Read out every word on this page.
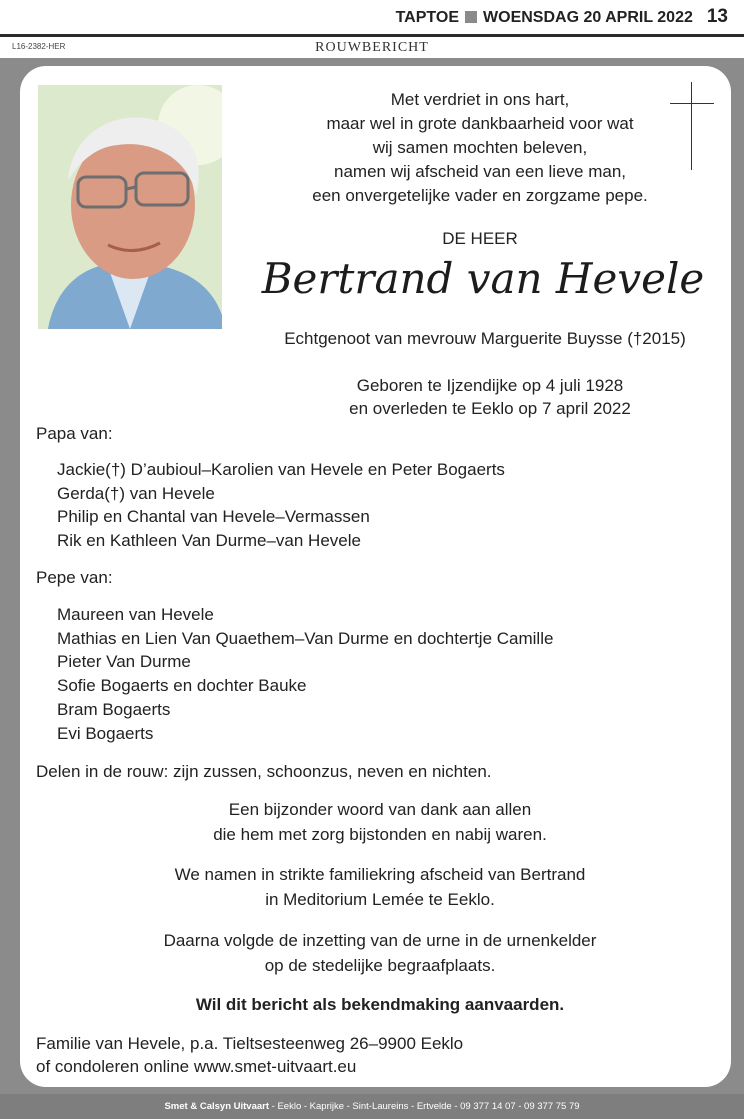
TAPTOE WOENSDAG 20 APRIL 2022 13
L16-2382-HER	ROUWBERICHT
Met verdriet in ons hart,
maar wel in grote dankbaarheid voor wat
wij samen mochten beleven,
namen wij afscheid van een lieve man,
een onvergetelijke vader en zorgzame pepe.
DE HEER
Bertrand van Hevele
Echtgenoot van mevrouw Marguerite Buysse (†2015)
Geboren te Ijzendijke op 4 juli 1928
en overleden te Eeklo op 7 april 2022
Papa van:
Jackie(†) D’aubioul–Karolien van Hevele en Peter Bogaerts
Gerda(†) van Hevele
Philip en Chantal van Hevele–Vermassen
Rik en Kathleen Van Durme–van Hevele
Pepe van:
Maureen van Hevele
Mathias en Lien Van Quaethem–Van Durme en dochtertje Camille
Pieter Van Durme
Sofie Bogaerts en dochter Bauke
Bram Bogaerts
Evi Bogaerts
Delen in de rouw: zijn zussen, schoonzus, neven en nichten.
Een bijzonder woord van dank aan allen
die hem met zorg bijstonden en nabij waren.
We namen in strikte familiekring afscheid van Bertrand
in Meditorium Lemée te Eeklo.
Daarna volgde de inzetting van de urne in de urnenkelder
op de stedelijke begraafplaats.
Wil dit bericht als bekendmaking aanvaarden.
Familie van Hevele, p.a. Tieltsesteenweg 26–9900 Eeklo
of condoleren online www.smet-uitvaart.eu
Smet & Calsyn Uitvaart - Eeklo - Kaprijke - Sint-Laureins - Ertvelde - 09 377 14 07 - 09 377 75 79
